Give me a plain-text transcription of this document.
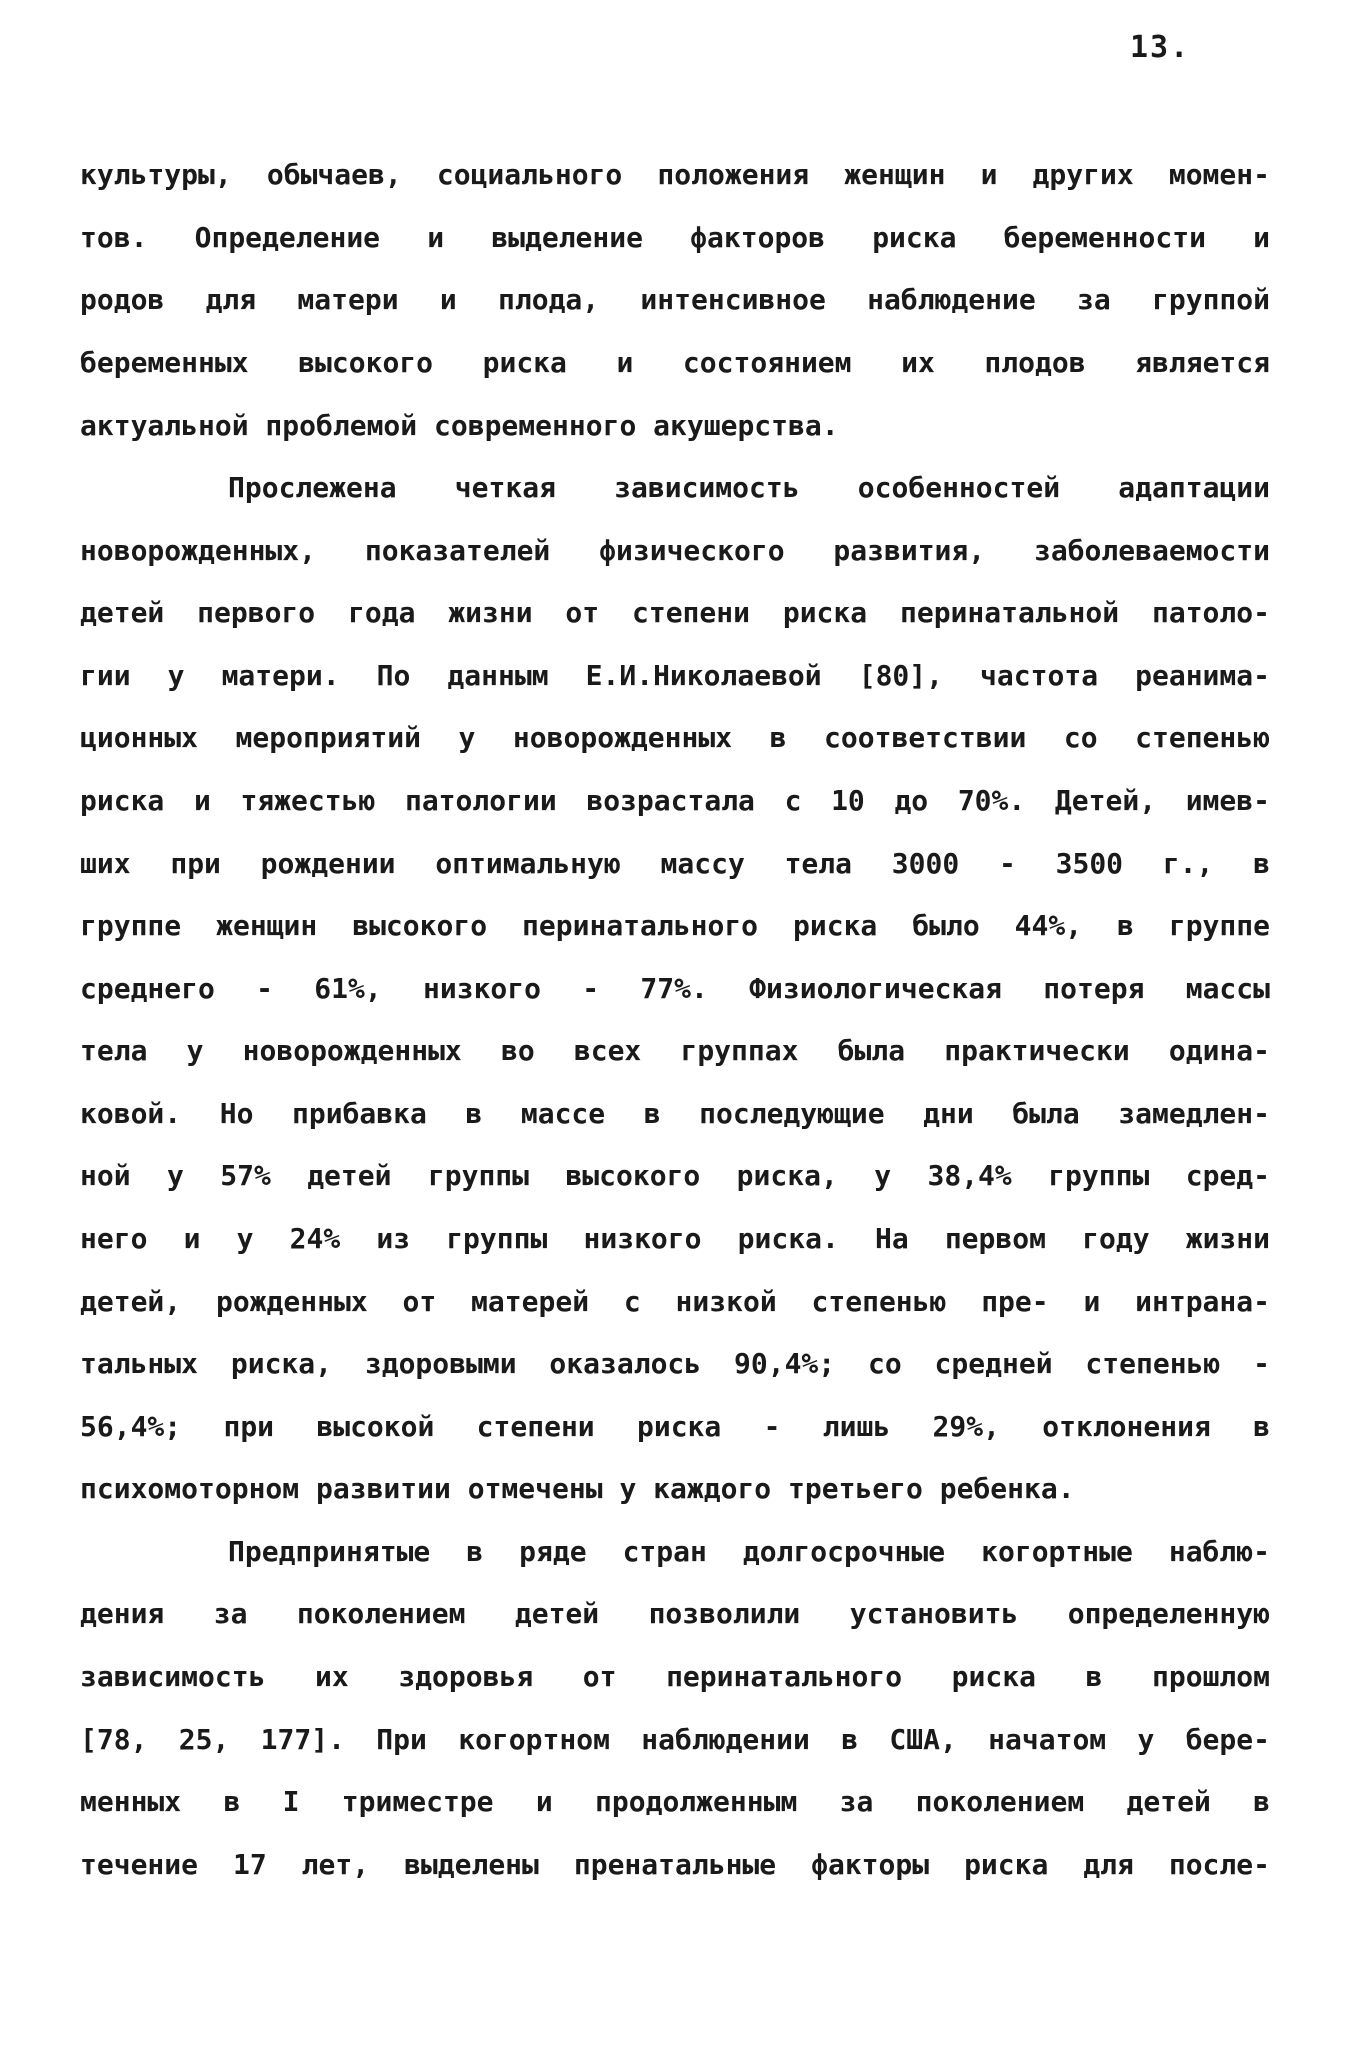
13.
культуры, обычаев, социального положения женщин и других момен-
тов. Определение и выделение факторов риска беременности и
родов для матери и плода, интенсивное наблюдение за группой
беременных высокого риска и состоянием их плодов является
актуальной проблемой современного акушерства.
Прослежена четкая зависимость особенностей адаптации
новорожденных, показателей физического развития, заболеваемости
детей первого года жизни от степени риска перинатальной патоло-
гии у матери. По данным Е.И.Николаевой [80], частота реанима-
ционных мероприятий у новорожденных в соответствии со степенью
риска и тяжестью патологии возрастала с 10 до 70%. Детей, имев-
ших при рождении оптимальную массу тела 3000 - 3500 г., в
группе женщин высокого перинатального риска было 44%, в группе
среднего - 61%, низкого - 77%. Физиологическая потеря массы
тела у новорожденных во всех группах была практически одина-
ковой. Но прибавка в массе в последующие дни была замедлен-
ной у 57% детей группы высокого риска, у 38,4% группы сред-
него и у 24% из группы низкого риска. На первом году жизни
детей, рожденных от матерей с низкой степенью пре- и интрана-
тальных риска, здоровыми оказалось 90,4%; со средней степенью -
56,4%; при высокой степени риска - лишь 29%, отклонения в
психомоторном развитии отмечены у каждого третьего ребенка.
Предпринятые в ряде стран долгосрочные когортные наблю-
дения за поколением детей позволили установить определенную
зависимость их здоровья от перинатального риска в прошлом
[78, 25, 177]. При когортном наблюдении в США, начатом у бере-
менных в I триместре и продолженным за поколением детей в
течение 17 лет, выделены пренатальные факторы риска для после-
